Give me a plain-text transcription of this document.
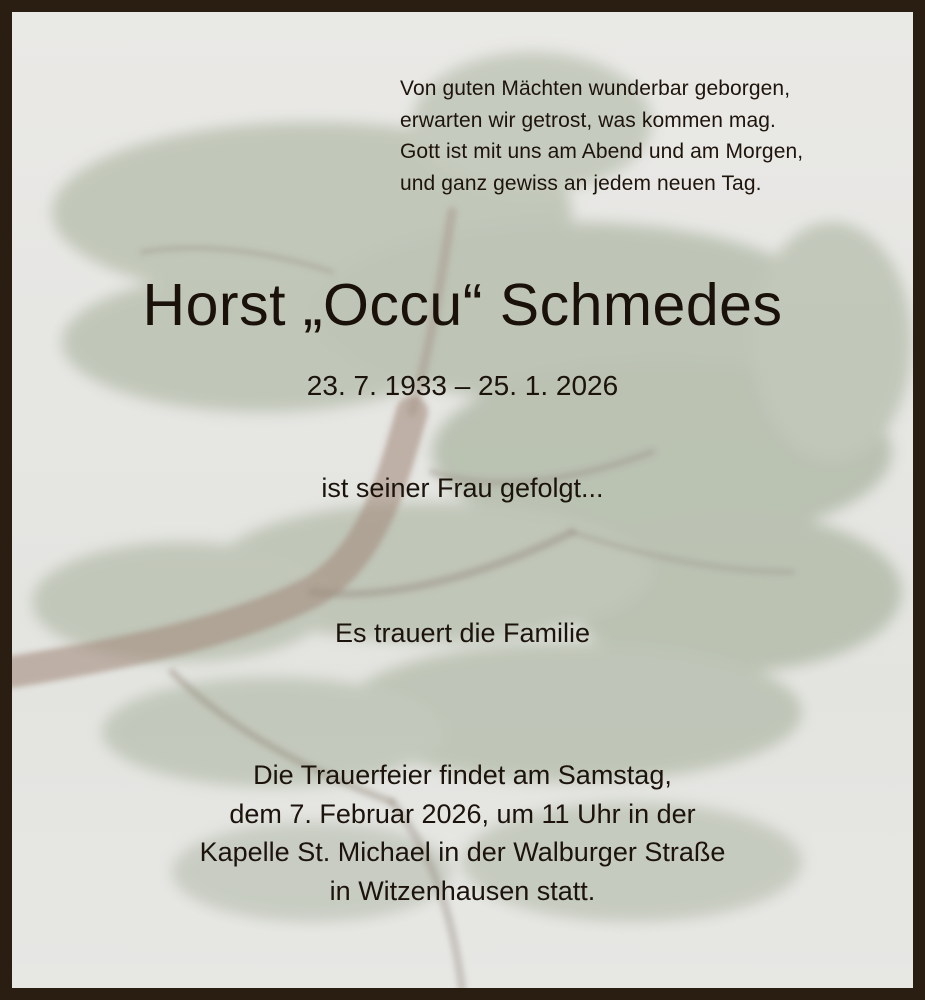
Von guten Mächten wunderbar geborgen,
erwarten wir getrost, was kommen mag.
Gott ist mit uns am Abend und am Morgen,
und ganz gewiss an jedem neuen Tag.
Horst „Occu“ Schmedes
23. 7. 1933 – 25. 1. 2026
ist seiner Frau gefolgt...
Es trauert die Familie
Die Trauerfeier findet am Samstag,
dem 7. Februar 2026, um 11 Uhr in der
Kapelle St. Michael in der Walburger Straße
in Witzenhausen statt.
